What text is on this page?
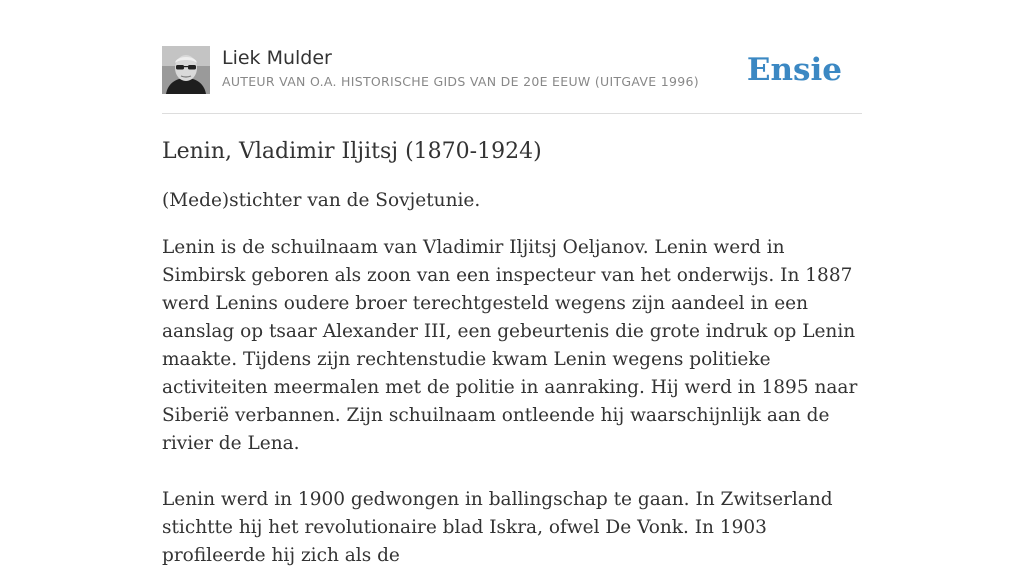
Liek Mulder
AUTEUR VAN O.A. HISTORISCHE GIDS VAN DE 20E EEUW (UITGAVE 1996) Ensie
Lenin, Vladimir Iljitsj (1870-1924)

(Mede)stichter van de Sovjetunie.

Lenin is de schuilnaam van Vladimir Iljitsj Oeljanov. Lenin werd in Simbirsk geboren als zoon van een inspecteur van het onderwijs. In 1887 werd Lenins oudere broer terechtgesteld wegens zijn aandeel in een aanslag op tsaar Alexander III, een gebeurtenis die grote indruk op Lenin maakte. Tijdens zijn rechtenstudie kwam Lenin wegens politieke activiteiten meermalen met de politie in aanraking. Hij werd in 1895 naar Siberië verbannen. Zijn schuilnaam ontleende hij waarschijnlijk aan de rivier de Lena.

Lenin werd in 1900 gedwongen in ballingschap te gaan. In Zwitserland stichtte hij het revolutionaire blad Iskra, ofwel De Vonk. In 1903 profileerde hij zich als de
